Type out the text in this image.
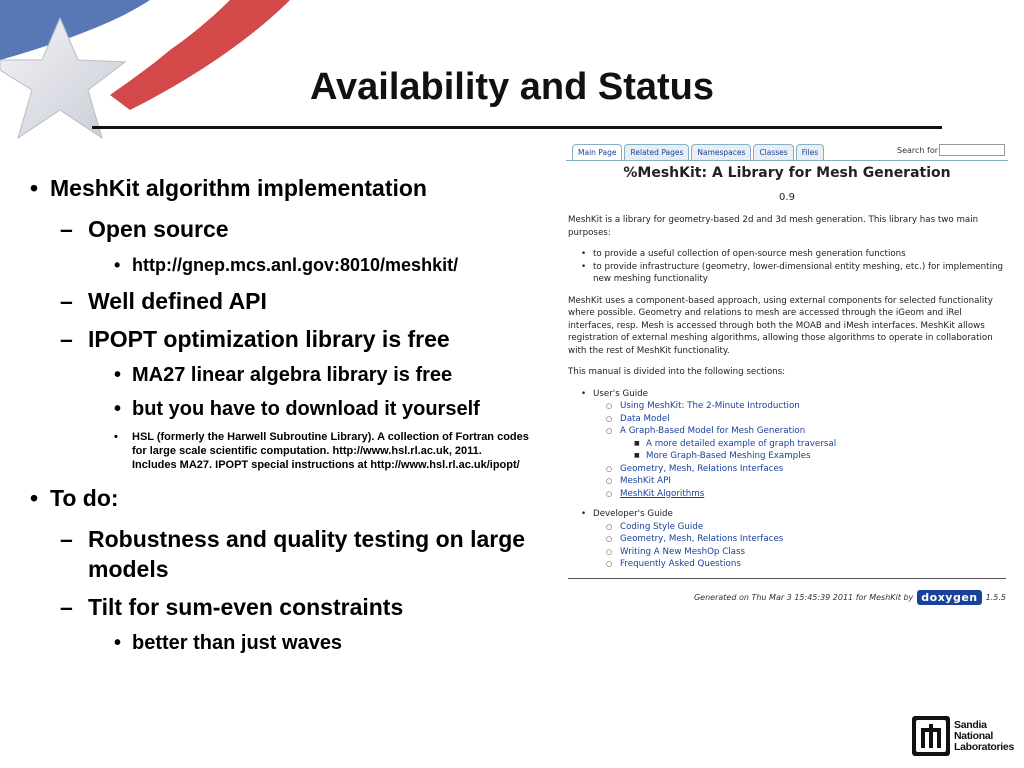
Availability and Status
• MeshKit algorithm implementation
– Open source
• http://gnep.mcs.anl.gov:8010/meshkit/
– Well defined API
– IPOPT optimization library is free
• MA27 linear algebra library is free
• but you have to download it yourself
• HSL (formerly the Harwell Subroutine Library). A collection of Fortran codes
for large scale scientific computation. http://www.hsl.rl.ac.uk, 2011.
Includes MA27. IPOPT special instructions at http://www.hsl.rl.ac.uk/ipopt/
• To do:
– Robustness and quality testing on large models
– Tilt for sum-even constraints
• better than just waves
Main Page	Related Pages	Namespaces	Classes	Files	Search for
%MeshKit: A Library for Mesh Generation
0.9

MeshKit is a library for geometry-based 2d and 3d mesh generation. This library has two main purposes:

• to provide a useful collection of open-source mesh generation functions
• to provide infrastructure (geometry, lower-dimensional entity meshing, etc.) for implementing new meshing functionality

MeshKit uses a component-based approach, using external components for selected functionality where possible. Geometry and relations to mesh are accessed through the iGeom and iRel interfaces, resp. Mesh is accessed through both the MOAB and iMesh interfaces. MeshKit allows registration of external meshing algorithms, allowing those algorithms to operate in collaboration with the rest of MeshKit functionality.

This manual is divided into the following sections:

• User's Guide
○ Using MeshKit: The 2-Minute Introduction
○ Data Model
○ A Graph-Based Model for Mesh Generation
■ A more detailed example of graph traversal
■ More Graph-Based Meshing Examples
○ Geometry, Mesh, Relations Interfaces
○ MeshKit API
○ MeshKit Algorithms
• Developer's Guide
○ Coding Style Guide
○ Geometry, Mesh, Relations Interfaces
○ Writing A New MeshOp Class
○ Frequently Asked Questions
Generated on Thu Mar 3 15:45:39 2011 for MeshKit by doxygen	1.5.5
Sandia
National
Laboratories
